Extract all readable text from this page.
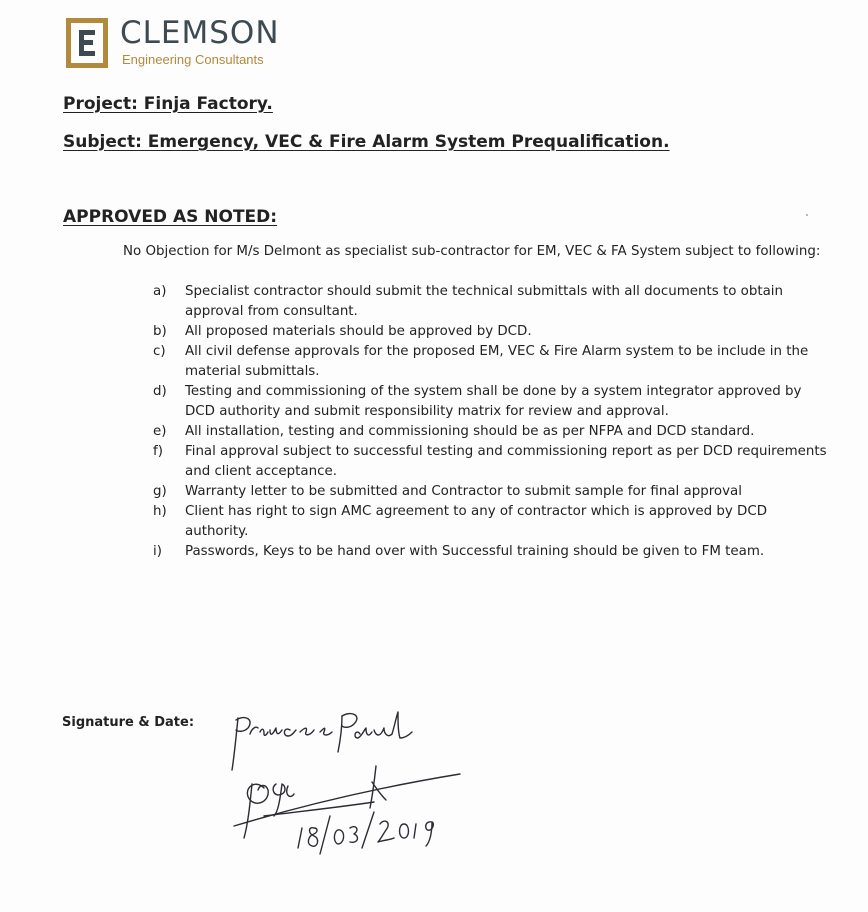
CLEMSON
Engineering Consultants
Project: Finja Factory.
Subject: Emergency, VEC & Fire Alarm System Prequalification.
APPROVED AS NOTED:
No Objection for M/s Delmont as specialist sub-contractor for EM, VEC & FA System subject to following:
a) Specialist contractor should submit the technical submittals with all documents to obtain approval from consultant.
b) All proposed materials should be approved by DCD.
c) All civil defense approvals for the proposed EM, VEC & Fire Alarm system to be include in the material submittals.
d) Testing and commissioning of the system shall be done by a system integrator approved by DCD authority and submit responsibility matrix for review and approval.
e) All installation, testing and commissioning should be as per NFPA and DCD standard.
f) Final approval subject to successful testing and commissioning report as per DCD requirements and client acceptance.
g) Warranty letter to be submitted and Contractor to submit sample for final approval
h) Client has right to sign AMC agreement to any of contractor which is approved by DCD authority.
i) Passwords, Keys to be hand over with Successful training should be given to FM team.
Signature & Date:
